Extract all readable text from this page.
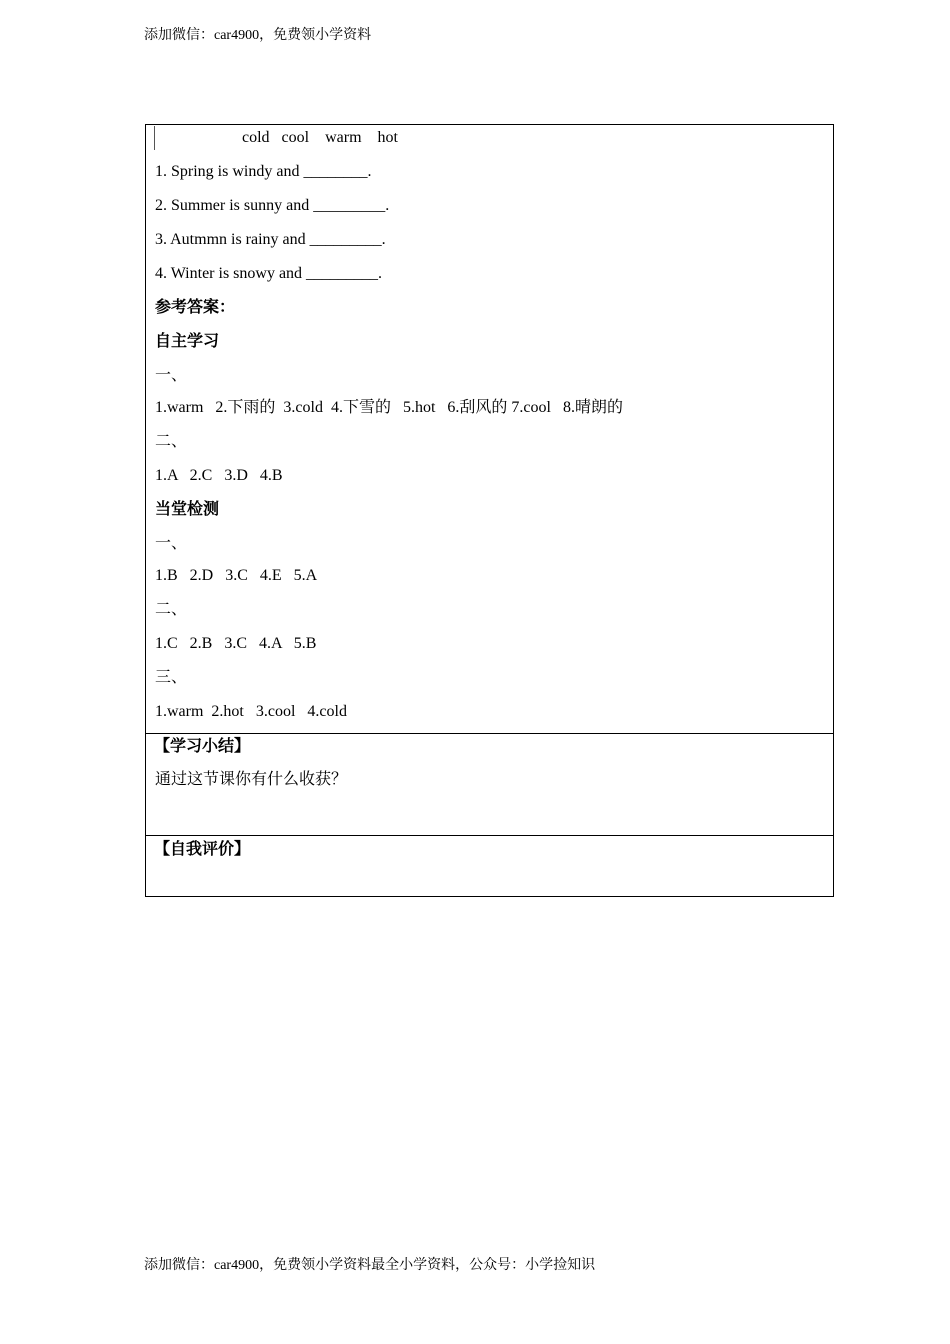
添加微信：car4900，免费领小学资料
cold   cool    warm    hot
1. Spring is windy and ________.
2. Summer is sunny and _________.
3. Autmmn is rainy and _________.
4. Winter is snowy and _________.
参考答案：
自主学习
一、
1.warm   2.下雨的  3.cold  4.下雪的   5.hot   6.刮风的 7.cool   8.晴朗的
二、
1.A   2.C   3.D   4.B
当堂检测
一、
1.B   2.D   3.C   4.E   5.A
二、
1.C   2.B   3.C   4.A   5.B
三、
1.warm  2.hot   3.cool   4.cold
【学习小结】
通过这节课你有什么收获？
【自我评价】
添加微信：car4900，免费领小学资料最全小学资料，公众号：小学捡知识
